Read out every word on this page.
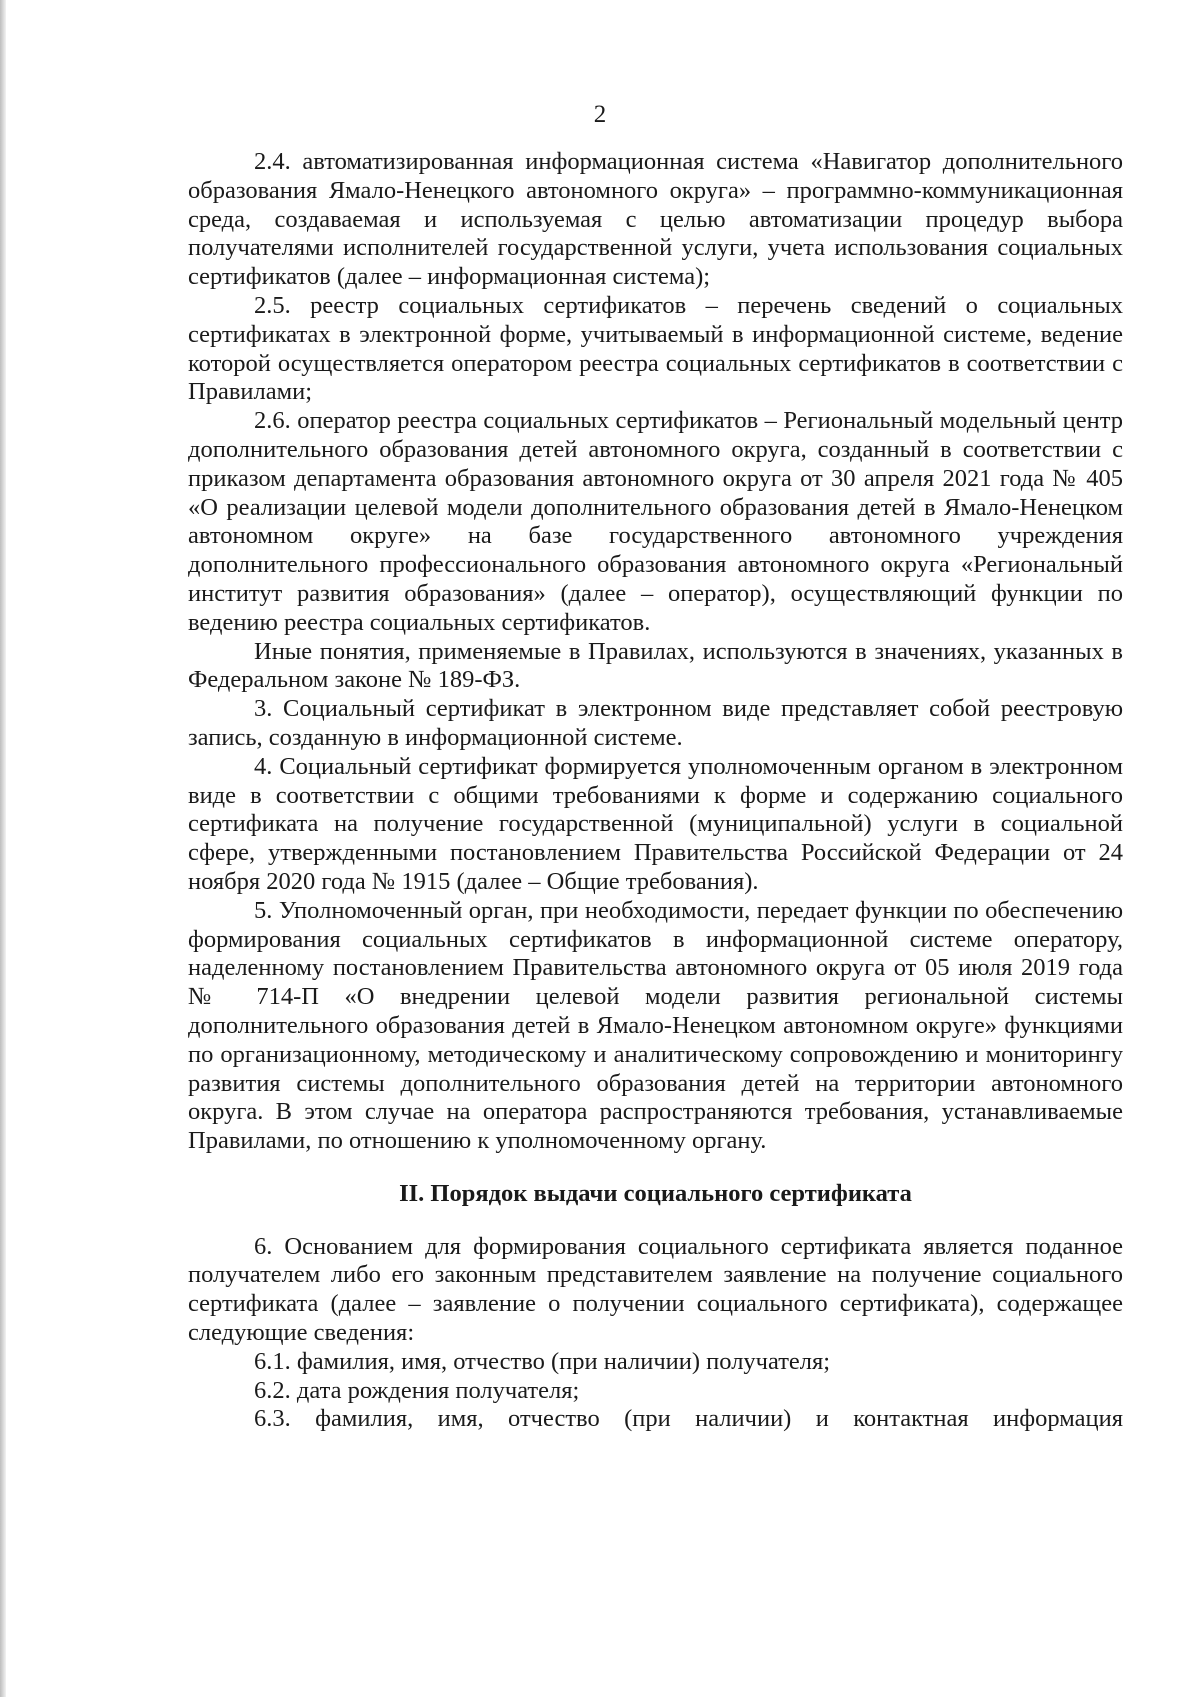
2

2.4. автоматизированная информационная система «Навигатор дополнительного образования Ямало-Ненецкого автономного округа» – программно-коммуникационная среда, создаваемая и используемая с целью автоматизации процедур выбора получателями исполнителей государственной услуги, учета использования социальных сертификатов (далее – информационная система);

2.5. реестр социальных сертификатов – перечень сведений о социальных сертификатах в электронной форме, учитываемый в информационной системе, ведение которой осуществляется оператором реестра социальных сертификатов в соответствии с Правилами;

2.6. оператор реестра социальных сертификатов – Региональный модельный центр дополнительного образования детей автономного округа, созданный в соответствии с приказом департамента образования автономного округа от 30 апреля 2021 года № 405 «О реализации целевой модели дополнительного образования детей в Ямало-Ненецком автономном округе» на базе государственного автономного учреждения дополнительного профессионального образования автономного округа «Региональный институт развития образования» (далее – оператор), осуществляющий функции по ведению реестра социальных сертификатов.

Иные понятия, применяемые в Правилах, используются в значениях, указанных в Федеральном законе № 189-ФЗ.

3. Социальный сертификат в электронном виде представляет собой реестровую запись, созданную в информационной системе.

4. Социальный сертификат формируется уполномоченным органом в электронном виде в соответствии с общими требованиями к форме и содержанию социального сертификата на получение государственной (муниципальной) услуги в социальной сфере, утвержденными постановлением Правительства Российской Федерации от 24 ноября 2020 года № 1915 (далее – Общие требования).

5. Уполномоченный орган, при необходимости, передает функции по обеспечению формирования социальных сертификатов в информационной системе оператору, наделенному постановлением Правительства автономного округа от 05 июля 2019 года № 714-П «О внедрении целевой модели развития региональной системы дополнительного образования детей в Ямало-Ненецком автономном округе» функциями по организационному, методическому и аналитическому сопровождению и мониторингу развития системы дополнительного образования детей на территории автономного округа. В этом случае на оператора распространяются требования, устанавливаемые Правилами, по отношению к уполномоченному органу.

II. Порядок выдачи социального сертификата

6. Основанием для формирования социального сертификата является поданное получателем либо его законным представителем заявление на получение социального сертификата (далее – заявление о получении социального сертификата), содержащее следующие сведения:

6.1. фамилия, имя, отчество (при наличии) получателя;

6.2. дата рождения получателя;

6.3. фамилия, имя, отчество (при наличии) и контактная информация
